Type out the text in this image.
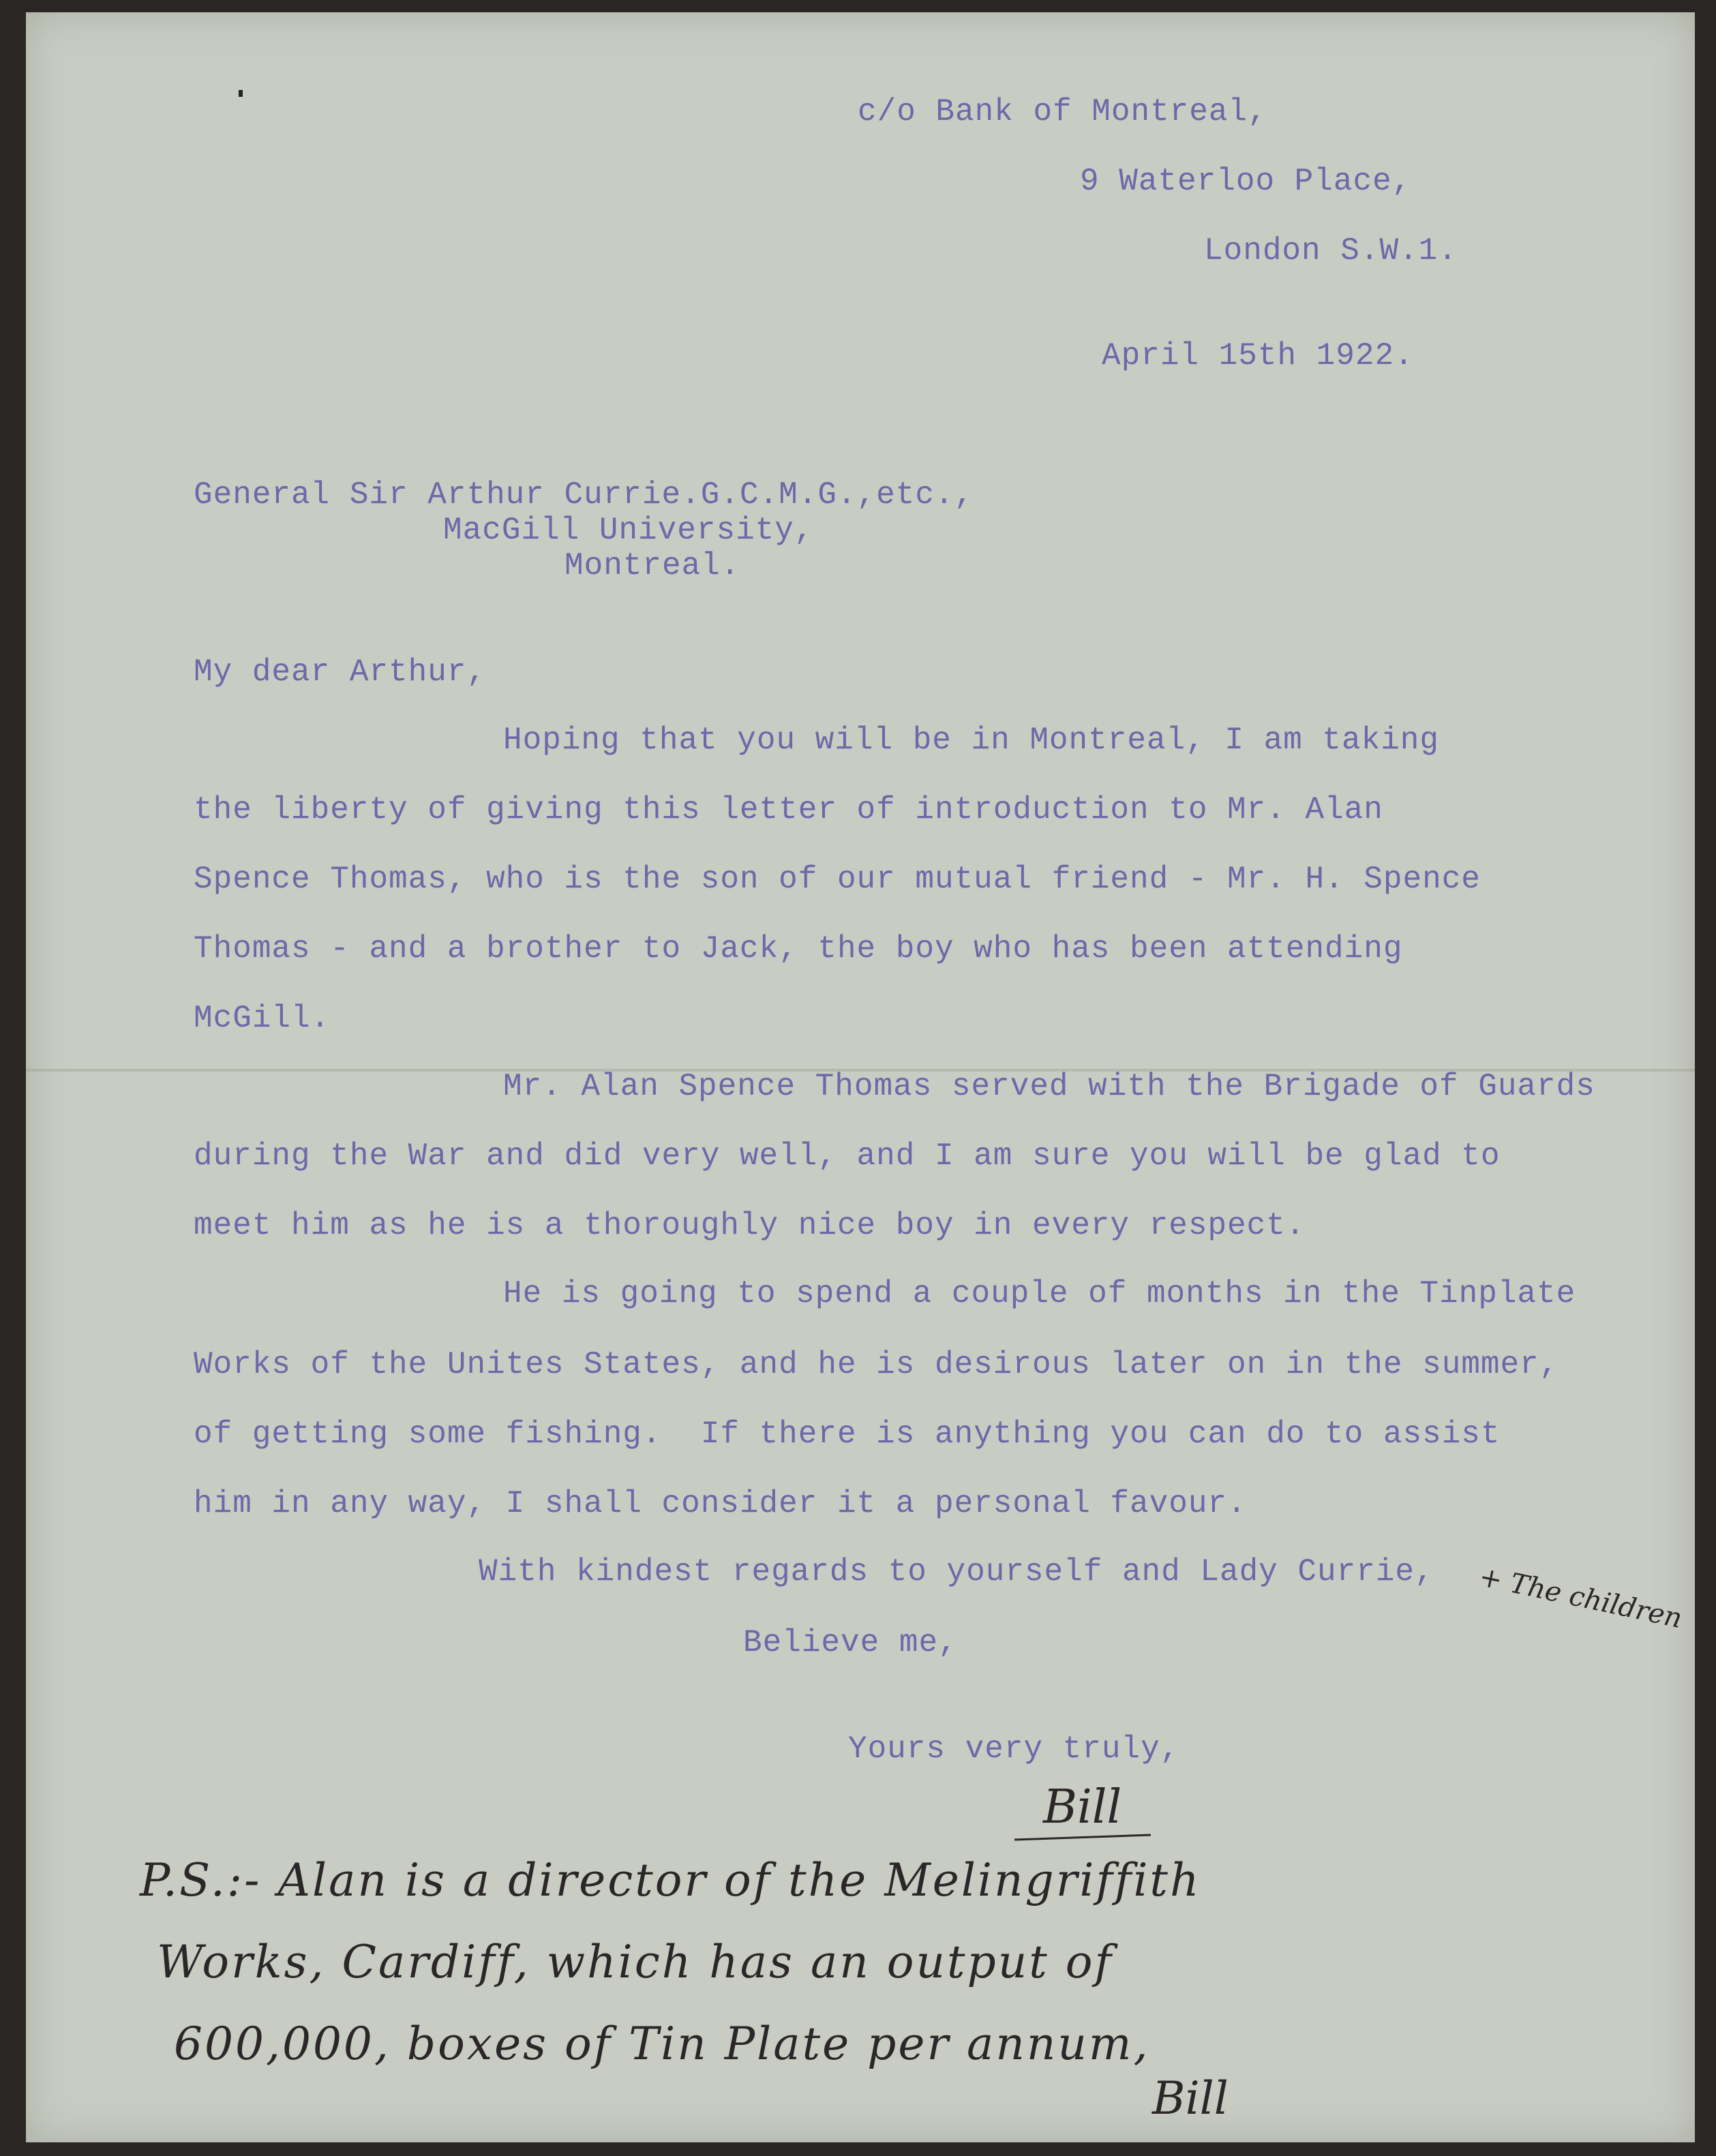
c/o Bank of Montreal,
9 Waterloo Place,
London S.W.1.
April 15th 1922.
General Sir Arthur Currie.G.C.M.G.,etc.,
MacGill University,
Montreal.
My dear Arthur,
Hoping that you will be in Montreal, I am taking
the liberty of giving this letter of introduction to Mr. Alan
Spence Thomas, who is the son of our mutual friend - Mr. H. Spence
Thomas - and a brother to Jack, the boy who has been attending
McGill.
Mr. Alan Spence Thomas served with the Brigade of Guards
during the War and did very well, and I am sure you will be glad to
meet him as he is a thoroughly nice boy in every respect.
He is going to spend a couple of months in the Tinplate
Works of the Unites States, and he is desirous later on in the summer,
of getting some fishing.  If there is anything you can do to assist
him in any way, I shall consider it a personal favour.
With kindest regards to yourself and Lady Currie, + The children
Believe me,
Yours very truly,
Bill
P.S.:- Alan is a director of the Melingriffith
Works, Cardiff, which has an output of
600,000, boxes of Tin Plate per annum,
Bill
